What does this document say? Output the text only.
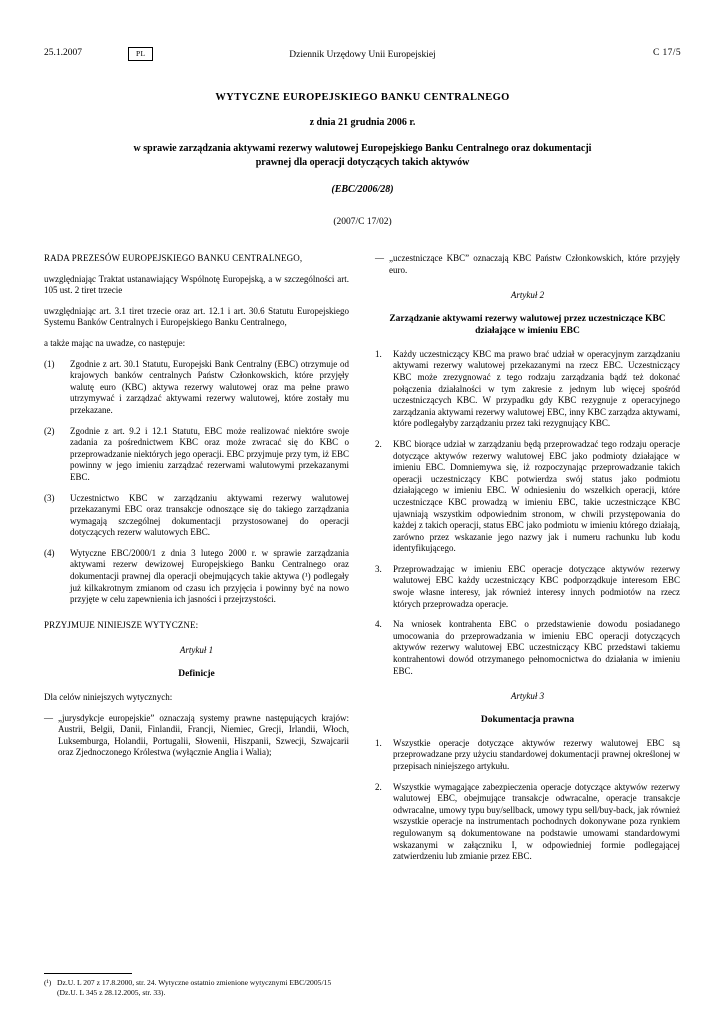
25.1.2007	PL	Dziennik Urzędowy Unii Europejskiej	C 17/5
WYTYCZNE EUROPEJSKIEGO BANKU CENTRALNEGO
z dnia 21 grudnia 2006 r.
w sprawie zarządzania aktywami rezerwy walutowej Europejskiego Banku Centralnego oraz dokumentacji prawnej dla operacji dotyczących takich aktywów
(EBC/2006/28)
(2007/C 17/02)

RADA PREZESÓW EUROPEJSKIEGO BANKU CENTRALNEGO,

uwzględniając Traktat ustanawiający Wspólnotę Europejską, a w szczególności art. 105 ust. 2 tiret trzecie

uwzględniając art. 3.1 tiret trzecie oraz art. 12.1 i art. 30.6 Statutu Europejskiego Systemu Banków Centralnych i Europejskiego Banku Centralnego,

a także mając na uwadze, co następuje:

(1)	Zgodnie z art. 30.1 Statutu, Europejski Bank Centralny (EBC) otrzymuje od krajowych banków centralnych Państw Członkowskich, które przyjęły walutę euro (KBC) aktywa rezerwy walutowej oraz ma pełne prawo utrzymywać i zarządzać aktywami rezerwy walutowej, które zostały mu przekazane.
(2)	Zgodnie z art. 9.2 i 12.1 Statutu, EBC może realizować niektóre swoje zadania za pośrednictwem KBC oraz może zwracać się do KBC o przeprowadzanie niektórych jego operacji. EBC przyjmuje przy tym, iż EBC powinny w jego imieniu zarządzać rezerwami walutowymi przekazanymi EBC.
(3)	Uczestnictwo KBC w zarządzaniu aktywami rezerwy walutowej przekazanymi EBC oraz transakcje odnoszące się do takiego zarządzania wymagają szczególnej dokumentacji przystosowanej do operacji dotyczących rezerw walutowych EBC.
(4)	Wytyczne EBC/2000/1 z dnia 3 lutego 2000 r. w sprawie zarządzania aktywami rezerw dewizowej Europejskiego Banku Centralnego oraz dokumentacji prawnej dla operacji obejmujących takie aktywa (¹) podlegały już kilkakrotnym zmianom od czasu ich przyjęcia i powinny być na nowo przyjęte w celu zapewnienia ich jasności i przejrzystości.

PRZYJMUJE NINIEJSZE WYTYCZNE:

Artykuł 1
Definicje

Dla celów niniejszych wytycznych:

— „jurysdykcje europejskie” oznaczają systemy prawne następujących krajów: Austrii, Belgii, Danii, Finlandii, Francji, Niemiec, Grecji, Irlandii, Włoch, Luksemburga, Holandii, Portugalii, Słowenii, Hiszpanii, Szwecji, Szwajcarii oraz Zjednoczonego Królestwa (wyłącznie Anglia i Walia);
— „uczestniczące KBC” oznaczają KBC Państw Członkowskich, które przyjęły euro.
Artykuł 2
Zarządzanie aktywami rezerwy walutowej przez uczestniczące KBC działające w imieniu EBC
1.	Każdy uczestniczący KBC ma prawo brać udział w operacyjnym zarządzaniu aktywami rezerwy walutowej przekazanymi na rzecz EBC. Uczestniczący KBC może zrezygnować z tego rodzaju zarządzania bądź też dokonać połączenia działalności w tym zakresie z jednym lub więcej spośród uczestniczących KBC. W przypadku gdy KBC rezygnuje z operacyjnego zarządzania aktywami rezerwy walutowej EBC, inny KBC zarządza aktywami, które podlegałyby zarządzaniu przez taki rezygnujący KBC.
2.	KBC biorące udział w zarządzaniu będą przeprowadzać tego rodzaju operacje dotyczące aktywów rezerwy walutowej EBC jako podmioty działające w imieniu EBC. Domniemywa się, iż rozpoczynając przeprowadzanie takich operacji uczestniczący KBC potwierdza swój status jako podmiotu działającego w imieniu EBC. W odniesieniu do wszelkich operacji, które uczestniczące KBC prowadzą w imieniu EBC, takie uczestniczące KBC ujawniają wszystkim odpowiednim stronom, w chwili przystępowania do każdej z takich operacji, status EBC jako podmiotu w imieniu którego działają, zarówno przez wskazanie jego nazwy jak i numeru rachunku lub kodu identyfikującego.
3.	Przeprowadzając w imieniu EBC operacje dotyczące aktywów rezerwy walutowej EBC każdy uczestniczący KBC podporządkuje interesom EBC swoje własne interesy, jak również interesy innych podmiotów na rzecz których przeprowadza operacje.
4.	Na wniosek kontrahenta EBC o przedstawienie dowodu posiadanego umocowania do przeprowadzania w imieniu EBC operacji dotyczących aktywów rezerwy walutowej EBC uczestniczący KBC przedstawi takiemu kontrahentowi dowód otrzymanego pełnomocnictwa do działania w imieniu EBC.
Artykuł 3
Dokumentacja prawna
1.	Wszystkie operacje dotyczące aktywów rezerwy walutowej EBC są przeprowadzane przy użyciu standardowej dokumentacji prawnej określonej w przepisach niniejszego artykułu.
2.	Wszystkie wymagające zabezpieczenia operacje dotyczące aktywów rezerwy walutowej EBC, obejmujące transakcje odwracalne, operacje transakcje odwracalne, umowy typu buy/sellback, umowy typu sell/buy-back, jak również wszystkie operacje na instrumentach pochodnych dokonywane poza rynkiem regulowanym są dokumentowane na podstawie umowami standardowymi wskazanymi w załączniku I, w odpowiedniej formie podlegającej zatwierdzeniu lub zmianie przez EBC.
(¹) Dz.U. L 207 z 17.8.2000, str. 24. Wytyczne ostatnio zmienione wytycznymi EBC/2005/15 (Dz.U. L 345 z 28.12.2005, str. 33).
